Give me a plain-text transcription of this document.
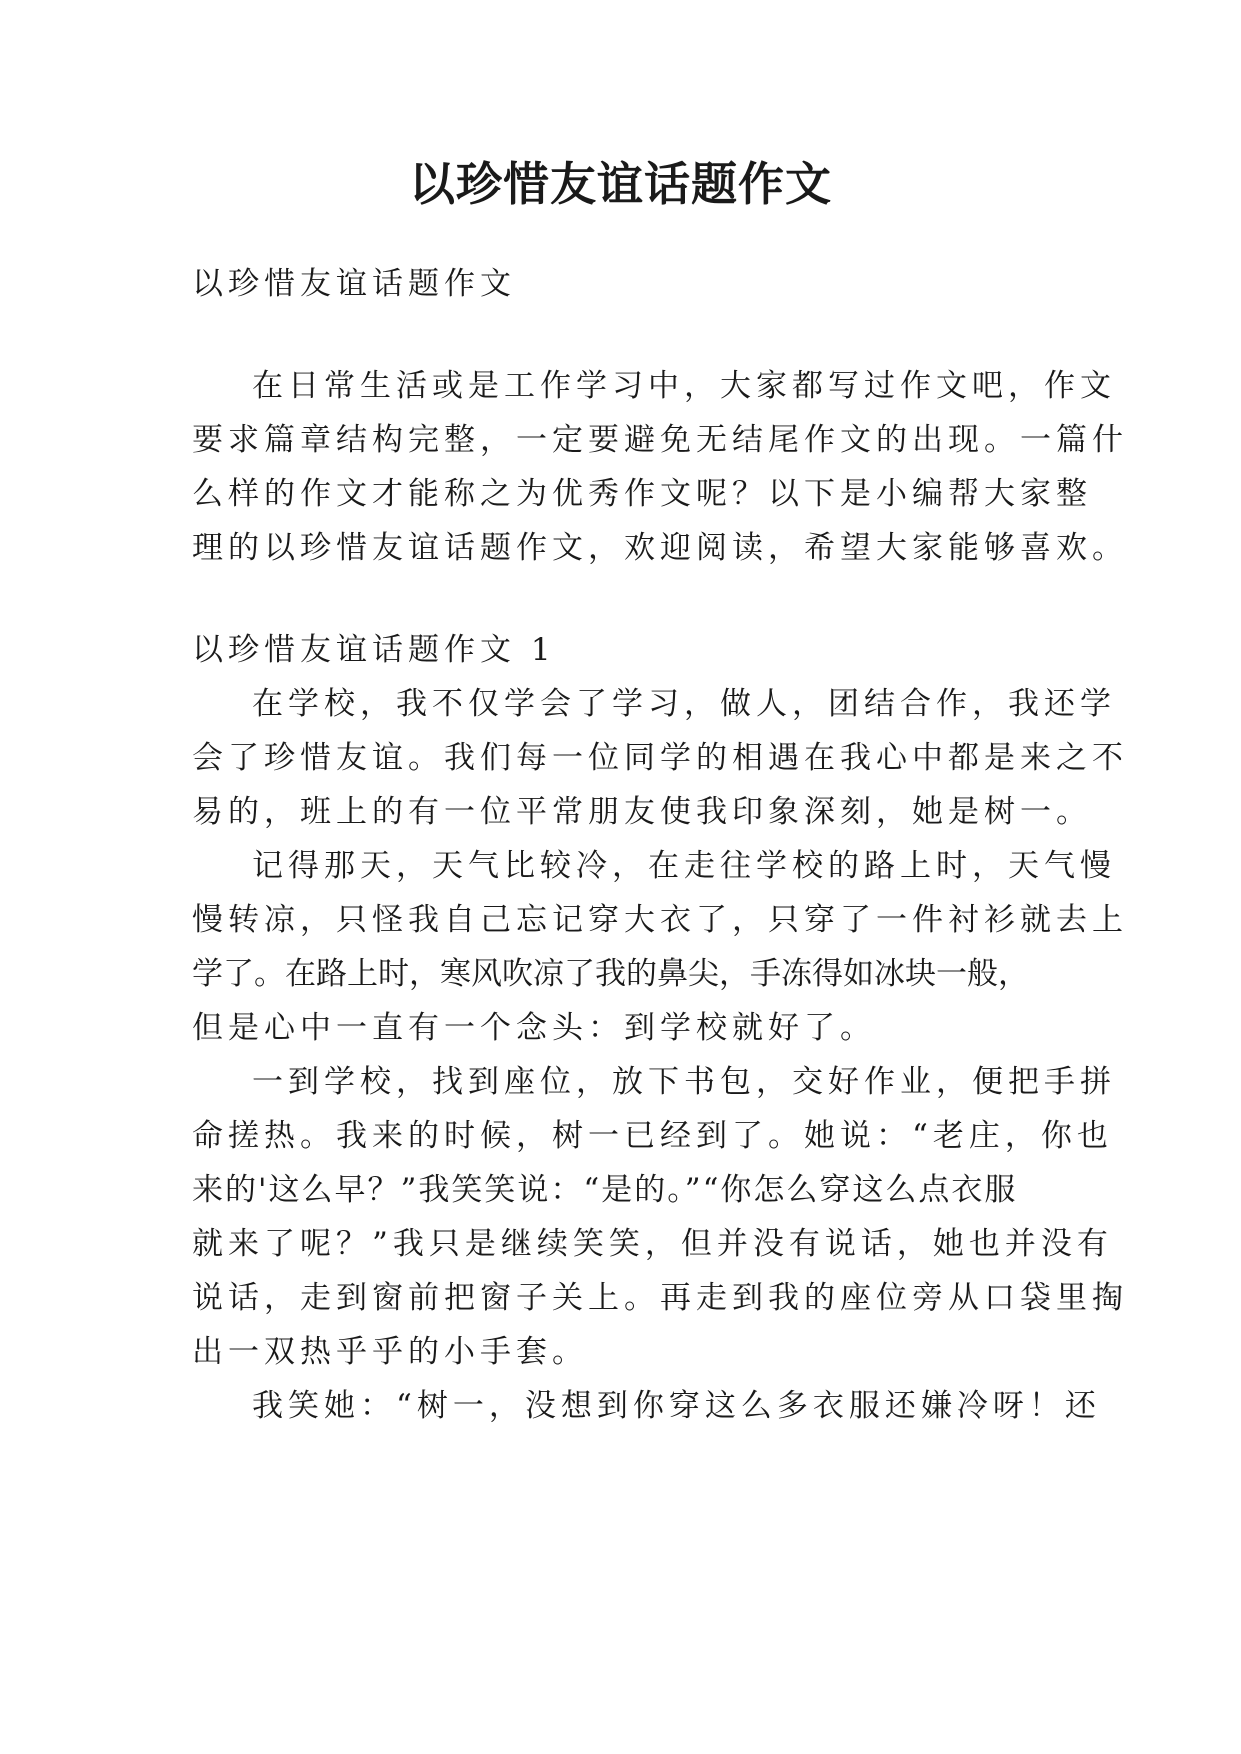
以珍惜友谊话题作文
以珍惜友谊话题作文
在日常生活或是工作学习中，大家都写过作文吧，作文
要求篇章结构完整，一定要避免无结尾作文的出现。一篇什
么样的作文才能称之为优秀作文呢？以下是小编帮大家整
理的以珍惜友谊话题作文，欢迎阅读，希望大家能够喜欢。
以珍惜友谊话题作文 1
在学校，我不仅学会了学习，做人，团结合作，我还学
会了珍惜友谊。我们每一位同学的相遇在我心中都是来之不
易的，班上的有一位平常朋友使我印象深刻，她是树一。
记得那天，天气比较冷，在走往学校的路上时，天气慢
慢转凉，只怪我自己忘记穿大衣了，只穿了一件衬衫就去上
学了。在路上时，寒风吹凉了我的鼻尖，手冻得如冰块一般，
但是心中一直有一个念头：到学校就好了。
一到学校，找到座位，放下书包，交好作业，便把手拼
命搓热。我来的时候，树一已经到了。她说：“老庄，你也
来的'这么早？”我笑笑说：“是的。”“你怎么穿这么点衣服
就来了呢？”我只是继续笑笑，但并没有说话，她也并没有
说话，走到窗前把窗子关上。再走到我的座位旁从口袋里掏
出一双热乎乎的小手套。
我笑她：“树一，没想到你穿这么多衣服还嫌冷呀！还
